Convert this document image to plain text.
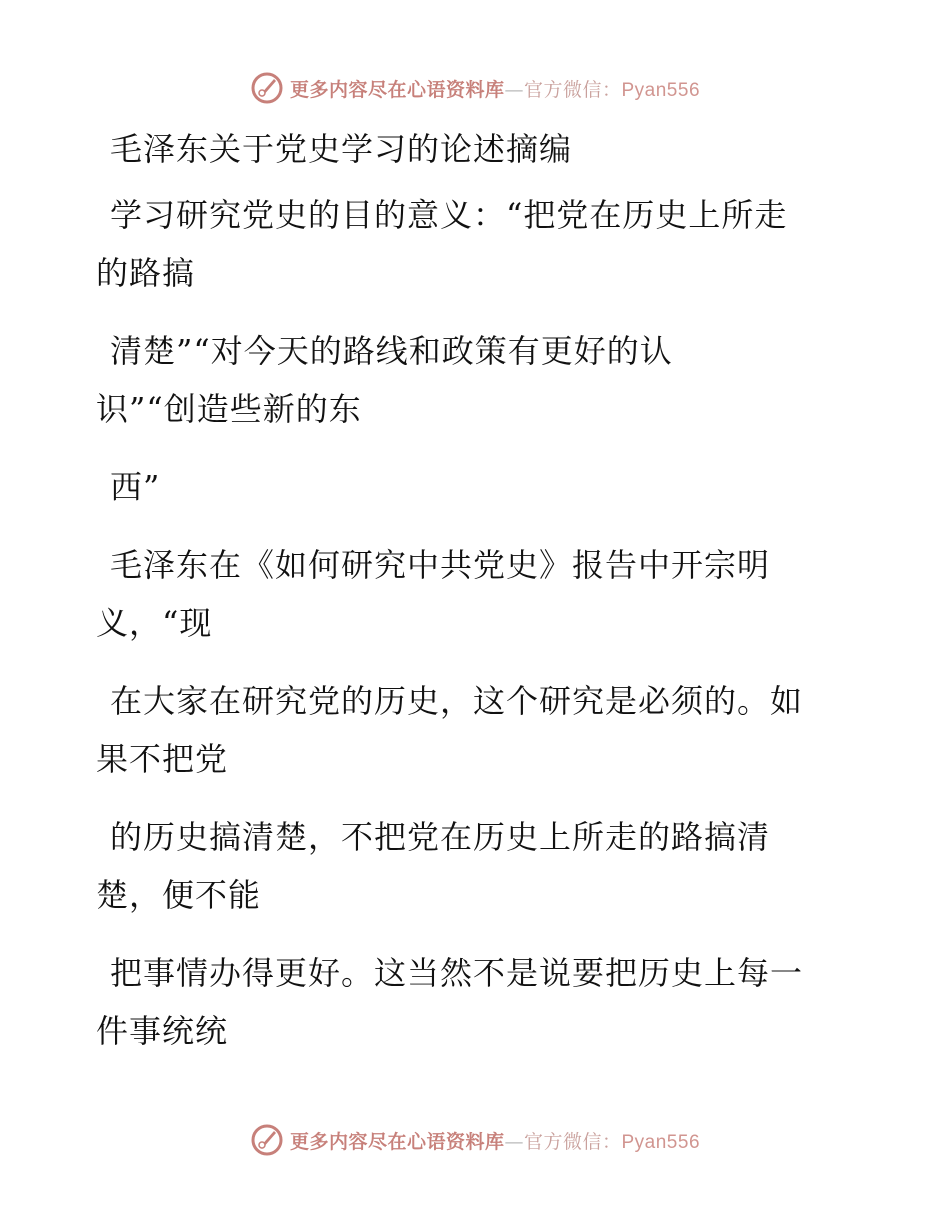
更多内容尽在心语资料库—官方微信：Pyan556

毛泽东关于党史学习的论述摘编

学习研究党史的目的意义：“把党在历史上所走
的路搞

清楚”“对今天的路线和政策有更好的认
识”“创造些新的东

西”

毛泽东在《如何研究中共党史》报告中开宗明
义，“现

在大家在研究党的历史，这个研究是必须的。如
果不把党

的历史搞清楚，不把党在历史上所走的路搞清
楚，便不能

把事情办得更好。这当然不是说要把历史上每一
件事统统

更多内容尽在心语资料库—官方微信：Pyan556
